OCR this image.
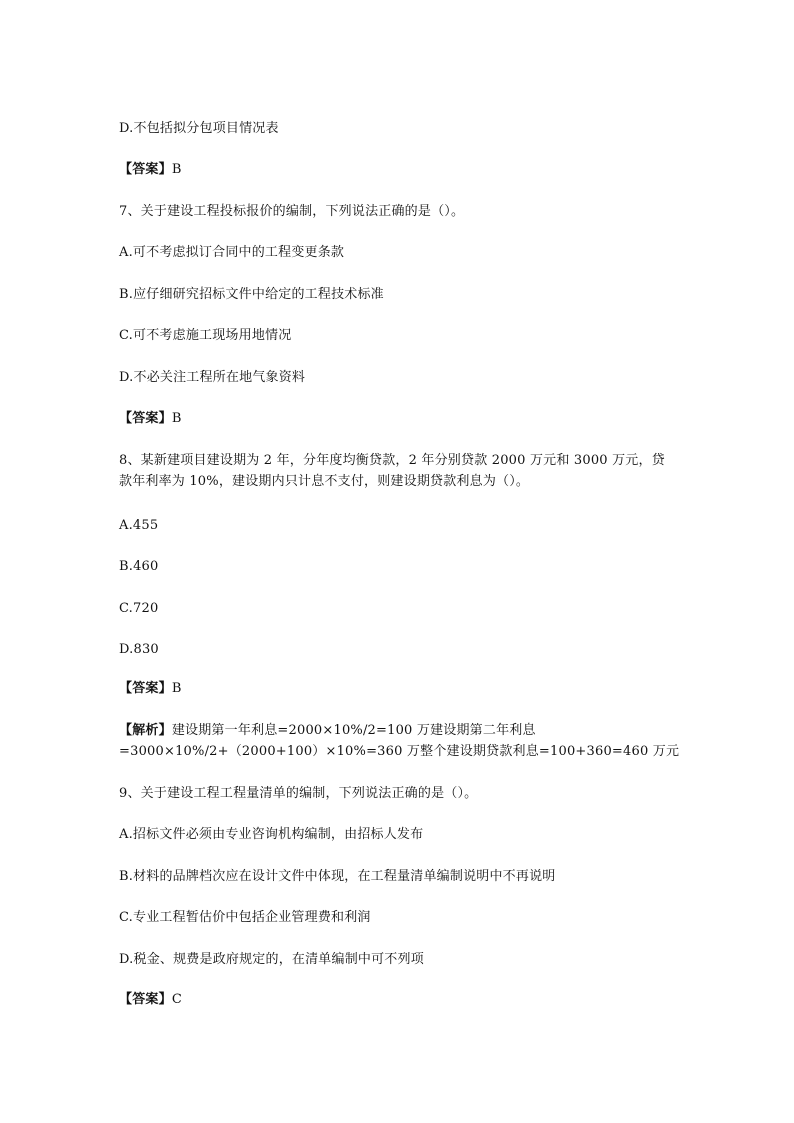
D.不包括拟分包项目情况表
【答案】B
7、关于建设工程投标报价的编制，下列说法正确的是（）。
A.可不考虑拟订合同中的工程变更条款
B.应仔细研究招标文件中给定的工程技术标准
C.可不考虑施工现场用地情况
D.不必关注工程所在地气象资料
【答案】B
8、某新建项目建设期为 2 年，分年度均衡贷款，2 年分别贷款 2000 万元和 3000 万元，贷
款年利率为 10%，建设期内只计息不支付，则建设期贷款利息为（）。
A.455
B.460
C.720
D.830
【答案】B
【解析】建设期第一年利息=2000×10%/2=100 万建设期第二年利息
=3000×10%/2+（2000+100）×10%=360 万整个建设期贷款利息=100+360=460 万元
9、关于建设工程工程量清单的编制，下列说法正确的是（）。
A.招标文件必须由专业咨询机构编制，由招标人发布
B.材料的品牌档次应在设计文件中体现，在工程量清单编制说明中不再说明
C.专业工程暂估价中包括企业管理费和利润
D.税金、规费是政府规定的，在清单编制中可不列项
【答案】C
